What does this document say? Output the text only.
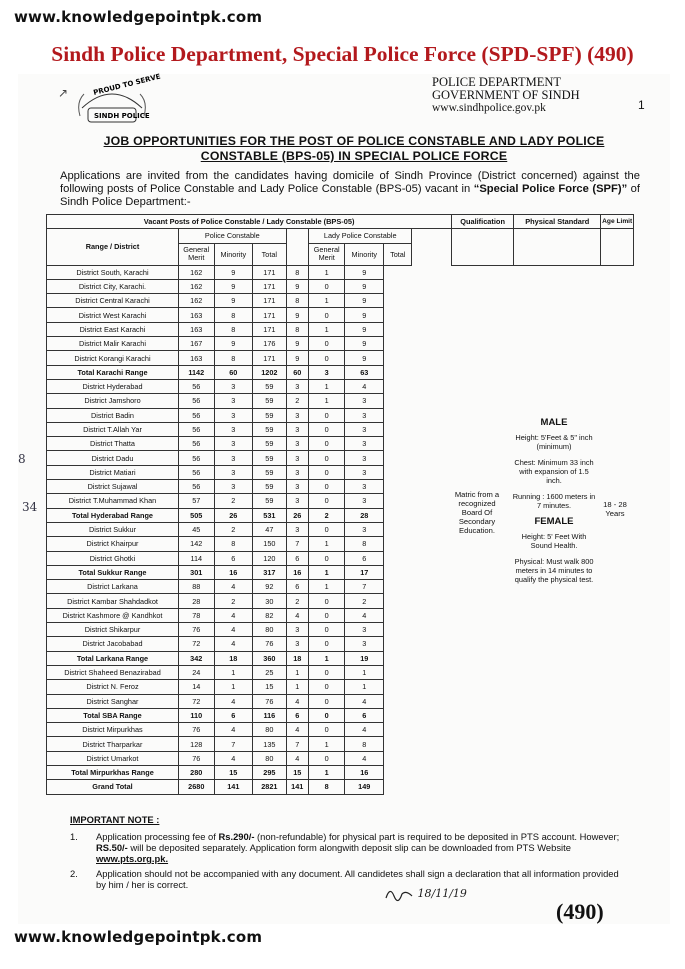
www.knowledgepointpk.com
Sindh Police Department, Special Police Force (SPD-SPF) (490)
PROUD TO SERVE
SINDH POLICE
↗
POLICE DEPARTMENT
GOVERNMENT OF SINDH
www.sindhpolice.gov.pk	1
JOB OPPORTUNITIES FOR THE POST OF POLICE CONSTABLE AND LADY POLICE CONSTABLE (BPS-05) IN SPECIAL POLICE FORCE
Applications are invited from the candidates having domicile of Sindh Province (District concerned) against the following posts of Police Constable and Lady Police Constable (BPS-05) vacant in “Special Police Force (SPF)” of Sindh Police Department:-
Vacant Posts of Police Constable / Lady Constable (BPS-05)									Qualification	Physical Standard	Age Limit
Range / District	Police Constable				Lady Police Constable						
	General Merit	Minority	Total		General Merit	Minority	Total				
District South, Karachi	162	9	171	8	1	9					
District City, Karachi.	162	9	171	9	0	9					
District Central Karachi	162	9	171	8	1	9					
District West Karachi	163	8	171	9	0	9					
District East Karachi	163	8	171	8	1	9					
District Malir Karachi	167	9	176	9	0	9					
District Korangi Karachi	163	8	171	9	0	9					
Total Karachi Range	1142	60	1202	60	3	63					
District Hyderabad	56	3	59	3	1	4					
District Jamshoro	56	3	59	2	1	3					
District Badin	56	3	59	3	0	3					
District T.Allah Yar	56	3	59	3	0	3					
District Thatta	56	3	59	3	0	3					
District Dadu	56	3	59	3	0	3					
District Matiari	56	3	59	3	0	3					
District Sujawal	56	3	59	3	0	3					
District T.Muhammad Khan	57	2	59	3	0	3					
Total Hyderabad Range	505	26	531	26	2	28					
District Sukkur	45	2	47	3	0	3					
District Khairpur	142	8	150	7	1	8					
District Ghotki	114	6	120	6	0	6					
Total Sukkur Range	301	16	317	16	1	17					
District Larkana	88	4	92	6	1	7					
District Kambar Shahdadkot	28	2	30	2	0	2					
District Kashmore @ Kandhkot	78	4	82	4	0	4					
District Shikarpur	76	4	80	3	0	3					
District Jacobabad	72	4	76	3	0	3					
Total Larkana Range	342	18	360	18	1	19					
District Shaheed Benazirabad	24	1	25	1	0	1					
District N. Feroz	14	1	15	1	0	1					
District Sanghar	72	4	76	4	0	4					
Total SBA Range	110	6	116	6	0	6					
District Mirpurkhas	76	4	80	4	0	4					
District Tharparkar	128	7	135	7	1	8					
District Umarkot	76	4	80	4	0	4					
Total Mirpurkhas Range	280	15	295	15	1	16					
Grand Total	2680	141	2821	141	8	149					
Matric from a recognized Board Of Secondary Education.
MALE

Height: 5'Feet & 5" inch (minimum)

Chest: Minimum 33 inch with expansion of 1.5 inch.

Running : 1600 meters in 7 minutes.

FEMALE

Height: 5' Feet With Sound Health.

Physical: Must walk 800 meters in 14 minutes to qualify the physical test.

18 - 28 Years
IMPORTANT NOTE :
1.	Application processing fee of Rs.290/- (non-refundable) for physical part is required to be deposited in PTS account. However; RS.50/- will be deposited separately. Application form alongwith deposit slip can be downloaded from PTS Website www.pts.org.pk.
2.	Application should not be accompanied with any document. All candidetes shall sign a declaration that all information provided by him / her is correct.
18/11/19
(490)
www.knowledgepointpk.com
8
34
